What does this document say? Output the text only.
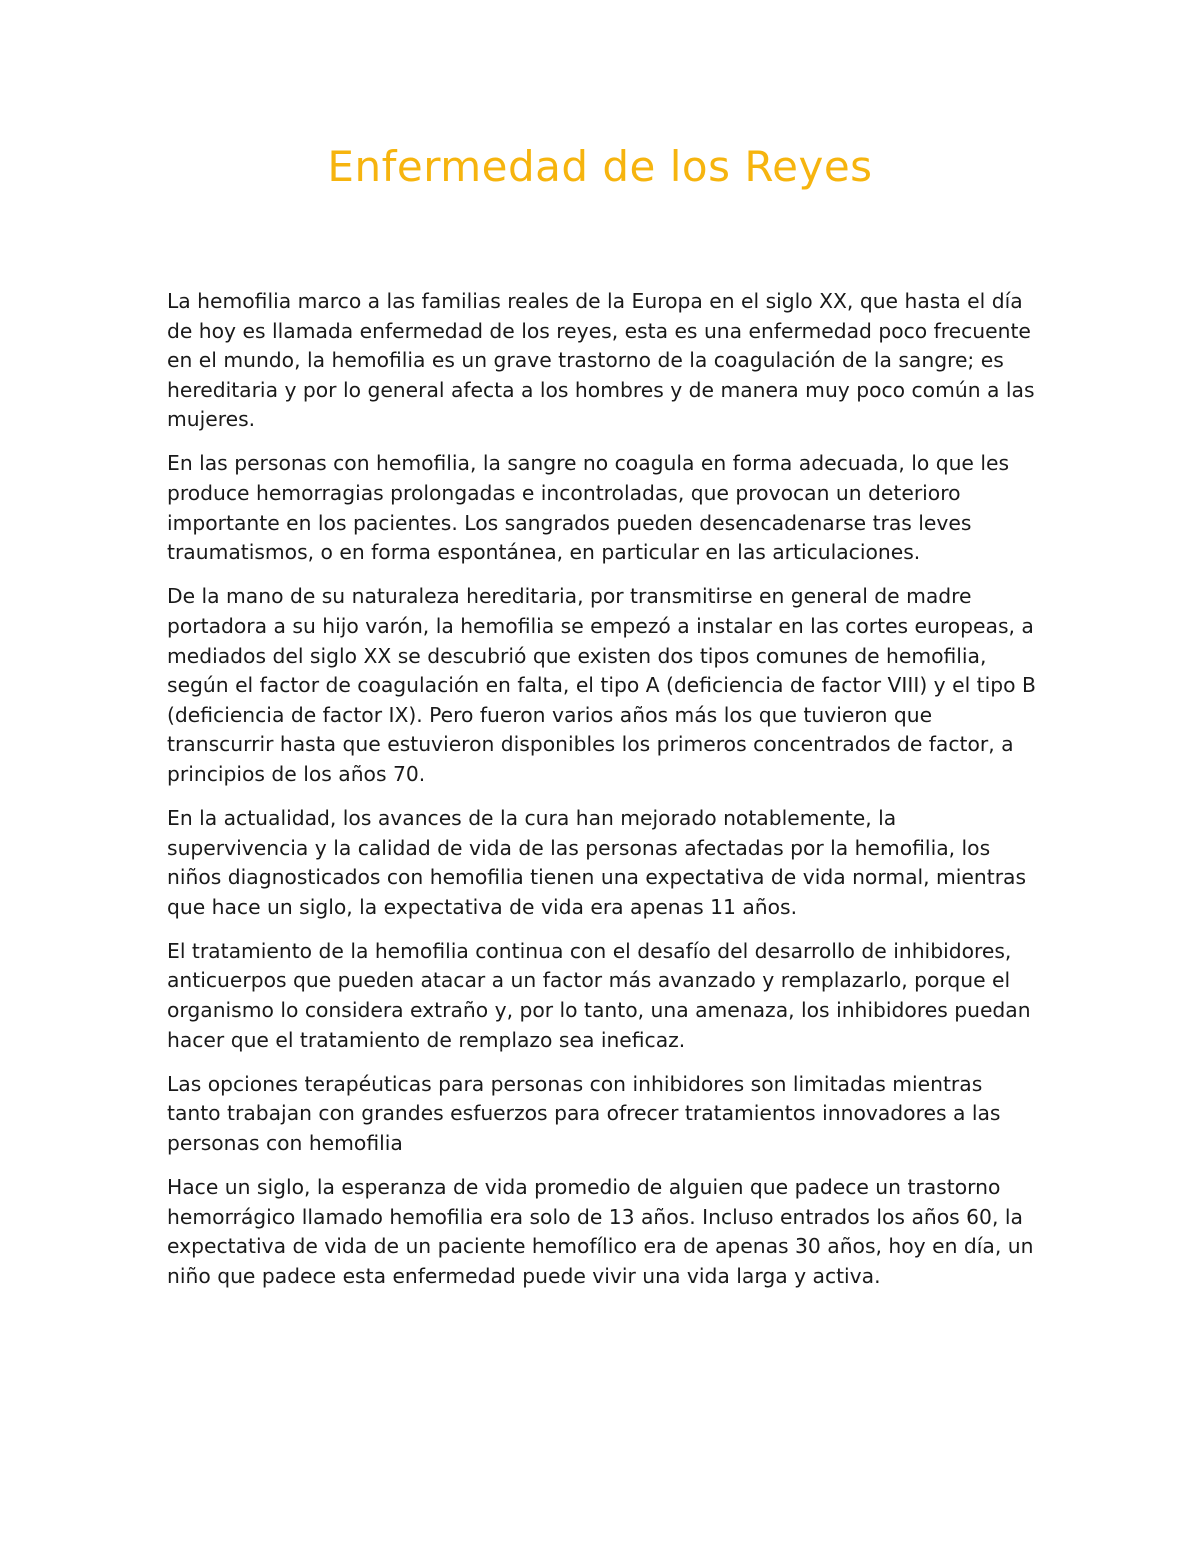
Enfermedad de los Reyes

La hemofilia marco a las familias reales de la Europa en el siglo XX, que hasta el día de hoy es llamada enfermedad de los reyes, esta es una enfermedad poco frecuente en el mundo, la hemofilia es un grave trastorno de la coagulación de la sangre; es hereditaria y por lo general afecta a los hombres y de manera muy poco común a las mujeres.

En las personas con hemofilia, la sangre no coagula en forma adecuada, lo que les produce hemorragias prolongadas e incontroladas, que provocan un deterioro importante en los pacientes. Los sangrados pueden desencadenarse tras leves traumatismos, o en forma espontánea, en particular en las articulaciones.

De la mano de su naturaleza hereditaria, por transmitirse en general de madre portadora a su hijo varón, la hemofilia se empezó a instalar en las cortes europeas, a mediados del siglo XX se descubrió que existen dos tipos comunes de hemofilia, según el factor de coagulación en falta, el tipo A (deficiencia de factor VIII) y el tipo B (deficiencia de factor IX). Pero fueron varios años más los que tuvieron que transcurrir hasta que estuvieron disponibles los primeros concentrados de factor, a principios de los años 70.

En la actualidad, los avances de la cura han mejorado notablemente, la supervivencia y la calidad de vida de las personas afectadas por la hemofilia, los niños diagnosticados con hemofilia tienen una expectativa de vida normal, mientras que hace un siglo, la expectativa de vida era apenas 11 años.

El tratamiento de la hemofilia continua con el desafío del desarrollo de inhibidores, anticuerpos que pueden atacar a un factor más avanzado y remplazarlo, porque el organismo lo considera extraño y, por lo tanto, una amenaza, los inhibidores puedan hacer que el tratamiento de remplazo sea ineficaz.

Las opciones terapéuticas para personas con inhibidores son limitadas mientras tanto trabajan con grandes esfuerzos para ofrecer tratamientos innovadores a las personas con hemofilia

Hace un siglo, la esperanza de vida promedio de alguien que padece un trastorno hemorrágico llamado hemofilia era solo de 13 años. Incluso entrados los años 60, la expectativa de vida de un paciente hemofílico era de apenas 30 años, hoy en día, un niño que padece esta enfermedad puede vivir una vida larga y activa.
